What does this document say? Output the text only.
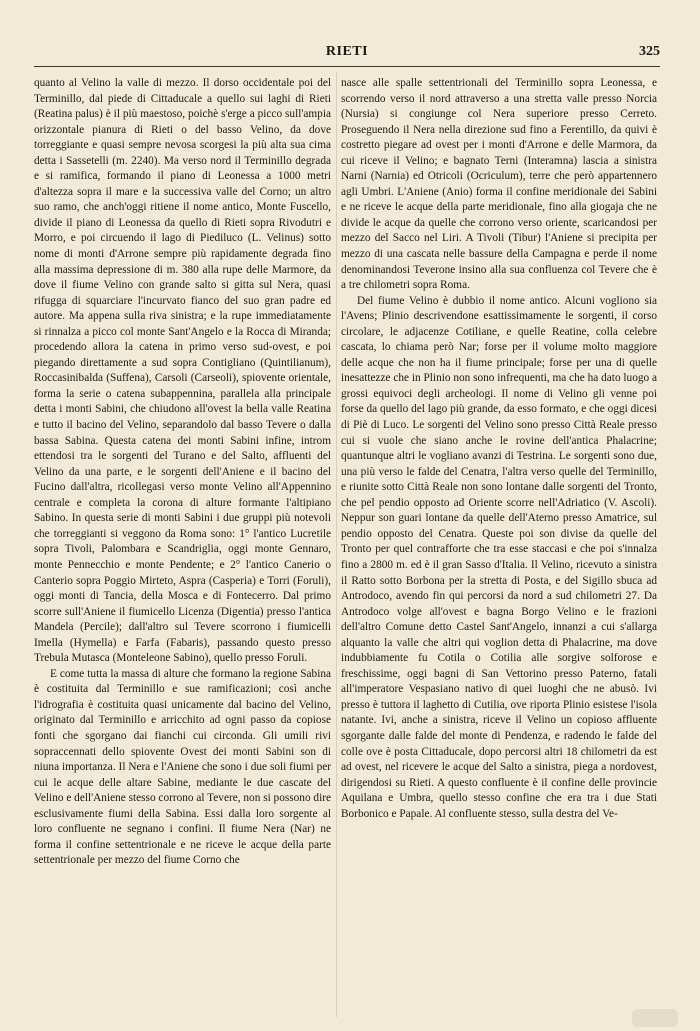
RIETI	325

quanto al Velino la valle di mezzo. Il dorso occidentale poi del Terminillo, dal piede di Cittaducale a quello sui laghi di Rieti (Reatina palus) è il più maestoso, poichè s'erge a picco sull'ampia orizzontale pianura di Rieti o del basso Velino, da dove torreggiante e quasi sempre nevosa scorgesi la più alta sua cima detta i Sassetelli (m. 2240). Ma verso nord il Terminillo degrada e si ramifica, formando il piano di Leonessa a 1000 metri d'altezza sopra il mare e la successiva valle del Corno; un altro suo ramo, che anch'oggi ritiene il nome antico, Monte Fuscello, divide il piano di Leonessa da quello di Rieti sopra Rivodutri e Morro, e poi circuendo il lago di Piediluco (L. Velinus) sotto nome di monti d'Arrone sempre più rapidamente degrada fino alla massima depressione di m. 380 alla rupe delle Marmore, da dove il fiume Velino con grande salto si gitta sul Nera, quasi rifugga di squarciare l'incurvato fianco del suo gran padre ed autore. Ma appena sulla riva sinistra; e la rupe immediatamente si rinnalza a picco col monte Sant'Angelo e la Rocca di Miranda; procedendo allora la catena in primo verso sud-ovest, e poi piegando direttamente a sud sopra Contigliano (Quintilianum), Roccasinibalda (Suffena), Carsoli (Carseoli), spiovente orientale, forma la serie o catena subappennina, parallela alla principale detta i monti Sabini, che chiudono all'ovest la bella valle Reatina e tutto il bacino del Velino, separandolo dal basso Tevere o dalla bassa Sabina. Questa catena dei monti Sabini infine, introm ettendosi tra le sorgenti del Turano e del Salto, affluenti del Velino da una parte, e le sorgenti dell'Aniene e il bacino del Fucino dall'altra, ricollegasi verso monte Velino all'Appennino centrale e completa la corona di alture formante l'altipiano Sabino. In questa serie di monti Sabini i due gruppi più notevoli che torreggianti si veggono da Roma sono: 1° l'antico Lucretile sopra Tivoli, Palombara e Scandriglia, oggi monte Gennaro, monte Pennecchio e monte Pendente; e 2° l'antico Canerio o Canterio sopra Poggio Mirteto, Aspra (Casperia) e Torri (Foruli), oggi monti di Tancia, della Mosca e di Fontecerro. Dal primo scorre sull'Aniene il fiumicello Licenza (Digentia) presso l'antica Mandela (Percile); dall'altro sul Tevere scorrono i fiumicelli Imella (Hymella) e Farfa (Fabaris), passando questo presso Trebula Mutasca (Monteleone Sabino), quello presso Foruli.

E come tutta la massa di alture che formano la regione Sabina è costituita dal Terminillo e sue ramificazioni; così anche l'idrografia è costituita quasi unicamente dal bacino del Velino, originato dal Terminillo e arricchito ad ogni passo da copiose fonti che sgorgano dai fianchi cui circonda. Gli umili rivi sopraccennati dello spiovente Ovest dei monti Sabini son di niuna importanza. Il Nera e l'Aniene che sono i due soli fiumi per cui le acque delle altare Sabine, mediante le due cascate del Velino e dell'Aniene stesso corrono al Tevere, non si possono dire esclusivamente fiumi della Sabina. Essi dalla loro sorgente al loro confluente ne segnano i confini. Il fiume Nera (Nar) ne forma il confine settentrionale e ne riceve le acque della parte settentrionale per mezzo del fiume Corno che

nasce alle spalle settentrionali del Terminillo sopra Leonessa, e scorrendo verso il nord attraverso a una stretta valle presso Norcia (Nursia) si congiunge col Nera superiore presso Cerreto. Proseguendo il Nera nella direzione sud fino a Ferentillo, da quivi è costretto piegare ad ovest per i monti d'Arrone e delle Marmora, da cui riceve il Velino; e bagnato Terni (Interamna) lascia a sinistra Narni (Narnia) ed Otricoli (Ocriculum), terre che però appartennero agli Umbri. L'Aniene (Anio) forma il confine meridionale dei Sabini e ne riceve le acque della parte meridionale, fino alla giogaja che ne divide le acque da quelle che corrono verso oriente, scaricandosi per mezzo del Sacco nel Liri. A Tivoli (Tibur) l'Aniene si precipita per mezzo di una cascata nelle bassure della Campagna e perde il nome denominandosi Teverone insino alla sua confluenza col Tevere che è a tre chilometri sopra Roma.

Del fiume Velino è dubbio il nome antico. Alcuni vogliono sia l'Avens; Plinio descrivendone esattissimamente le sorgenti, il corso circolare, le adjacenze Cotiliane, e quelle Reatine, colla celebre cascata, lo chiama però Nar; forse per il volume molto maggiore delle acque che non ha il fiume principale; forse per una di quelle inesattezze che in Plinio non sono infrequenti, ma che ha dato luogo a grossi equivoci degli archeologi. Il nome di Velino gli venne poi forse da quello del lago più grande, da esso formato, e che oggi dicesi di Piè di Luco. Le sorgenti del Velino sono presso Città Reale presso cui si vuole che siano anche le rovine dell'antica Phalacrine; quantunque altri le vogliano avanzi di Testrina. Le sorgenti sono due, una più verso le falde del Cenatra, l'altra verso quelle del Terminillo, e riunite sotto Città Reale non sono lontane dalle sorgenti del Tronto, che pel pendio opposto ad Oriente scorre nell'Adriatico (V. Ascoli). Neppur son guari lontane da quelle dell'Aterno presso Amatrice, sul pendio opposto del Cenatra. Queste poi son divise da quelle del Tronto per quel contrafforte che tra esse staccasi e che poi s'innalza fino a 2800 m. ed è il gran Sasso d'Italia. Il Velino, ricevuto a sinistra il Ratto sotto Borbona per la stretta di Posta, e del Sigillo sbuca ad Antrodoco, avendo fin qui percorsi da nord a sud chilometri 27. Da Antrodoco volge all'ovest e bagna Borgo Velino e le frazioni dell'altro Comune detto Castel Sant'Angelo, innanzi a cui s'allarga alquanto la valle che altri qui voglion detta di Phalacrine, ma dove indubbiamente fu Cotila o Cotilia alle sorgive solforose e freschissime, oggi bagni di San Vettorino presso Paterno, fatali all'imperatore Vespasiano nativo di quei luoghi che ne abusò. Ivi presso è tuttora il laghetto di Cutilia, ove riporta Plinio esistese l'isola natante. Ivi, anche a sinistra, riceve il Velino un copioso affluente sgorgante dalle falde del monte di Pendenza, e radendo le falde del colle ove è posta Cittaducale, dopo percorsi altri 18 chilometri da est ad ovest, nel ricevere le acque del Salto a sinistra, piega a nordovest, dirigendosi su Rieti. A questo confluente è il confine delle provincie Aquilana e Umbra, quello stesso confine che era tra i due Stati Borbonico e Papale. Al confluente stesso, sulla destra del Ve-
